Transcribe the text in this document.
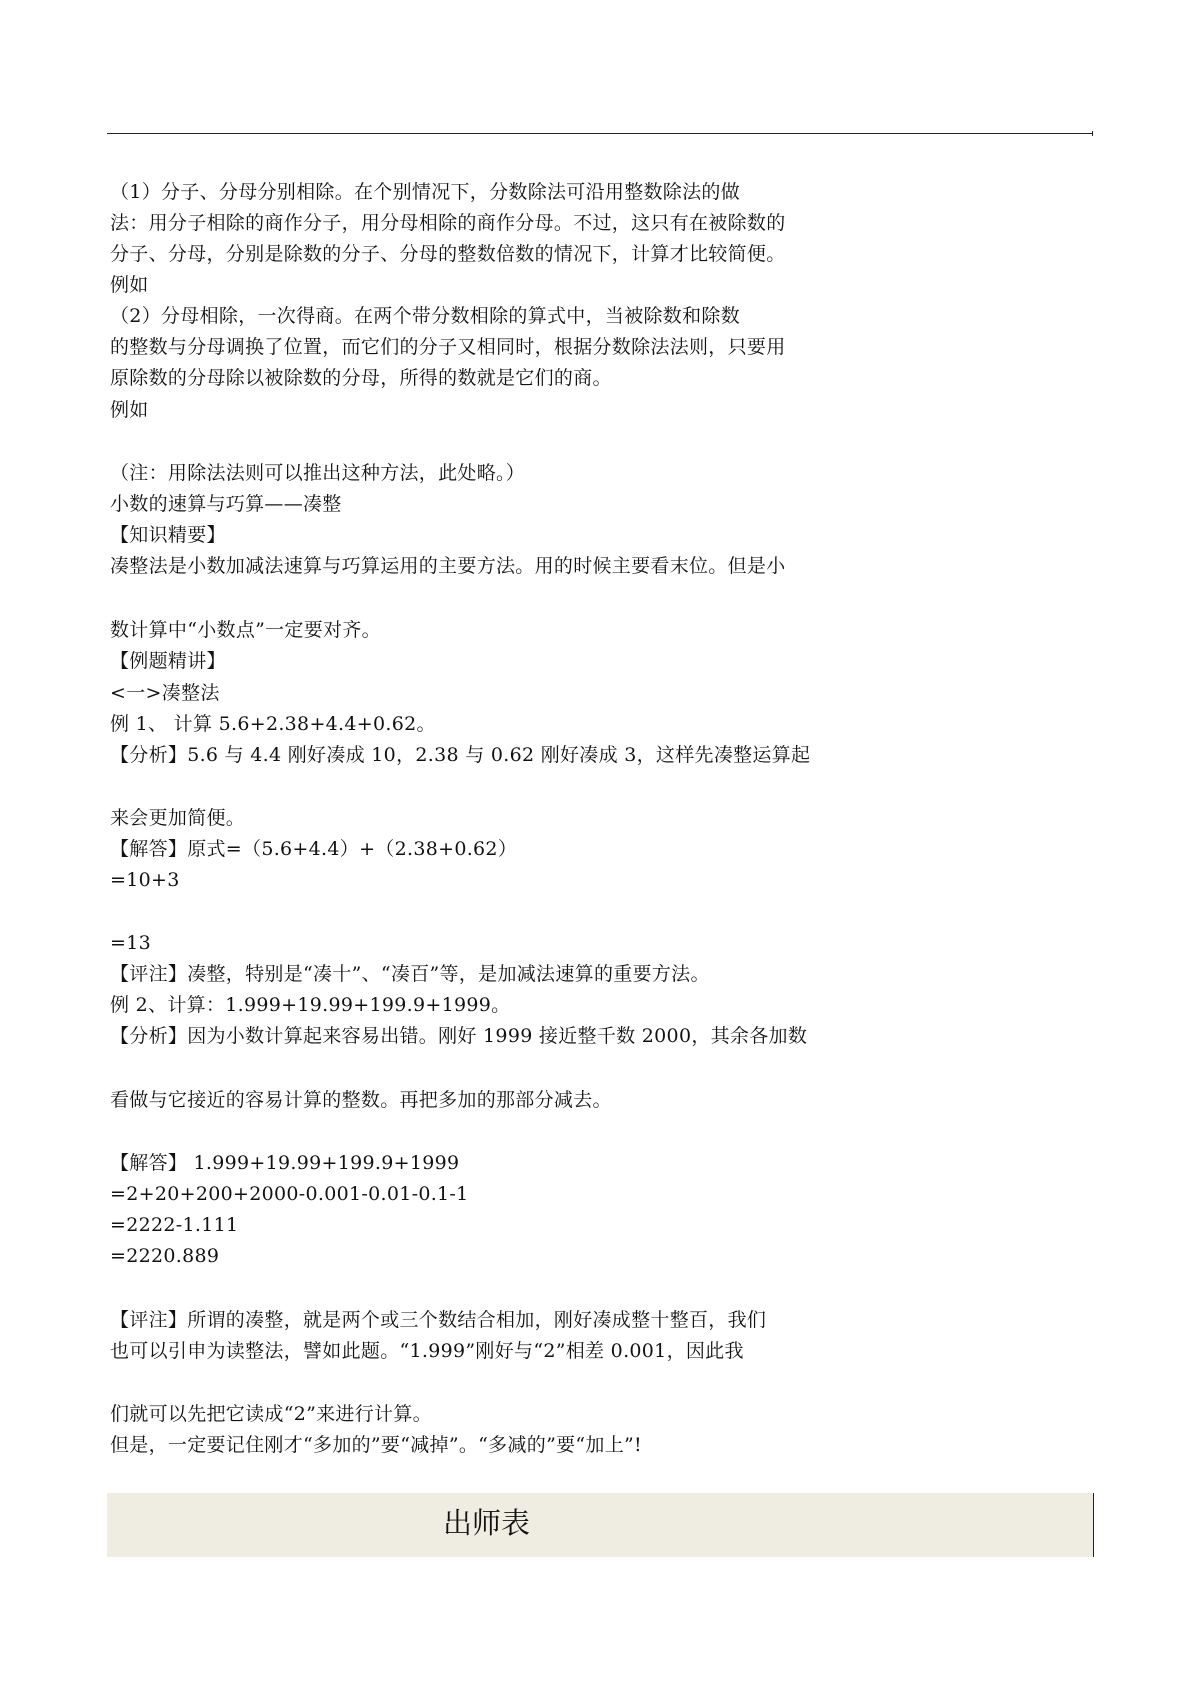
（1）分子、分母分别相除。在个别情况下，分数除法可沿用整数除法的做
法：用分子相除的商作分子，用分母相除的商作分母。不过，这只有在被除数的
分子、分母，分别是除数的分子、分母的整数倍数的情况下，计算才比较简便。
例如
（2）分母相除，一次得商。在两个带分数相除的算式中，当被除数和除数
的整数与分母调换了位置，而它们的分子又相同时，根据分数除法法则，只要用
原除数的分母除以被除数的分母，所得的数就是它们的商。
例如
（注：用除法法则可以推出这种方法，此处略。）
小数的速算与巧算——凑整
【知识精要】
凑整法是小数加减法速算与巧算运用的主要方法。用的时候主要看末位。但是小
数计算中“小数点”一定要对齐。
【例题精讲】
<一>凑整法
例 1、 计算 5.6+2.38+4.4+0.62。
【分析】5.6 与 4.4 刚好凑成 10，2.38 与 0.62 刚好凑成 3，这样先凑整运算起
来会更加简便。
【解答】原式=（5.6+4.4）+（2.38+0.62）
=10+3
=13
【评注】凑整，特别是“凑十”、“凑百”等，是加减法速算的重要方法。
例 2、计算：1.999+19.99+199.9+1999。
【分析】因为小数计算起来容易出错。刚好 1999 接近整千数 2000，其余各加数
看做与它接近的容易计算的整数。再把多加的那部分减去。
【解答】 1.999+19.99+199.9+1999
=2+20+200+2000-0.001-0.01-0.1-1
=2222-1.111
=2220.889
【评注】所谓的凑整，就是两个或三个数结合相加，刚好凑成整十整百，我们
也可以引申为读整法，譬如此题。“1.999”刚好与“2”相差 0.001，因此我
们就可以先把它读成“2”来进行计算。
但是，一定要记住刚才“多加的”要“减掉”。“多减的”要“加上”!
出师表
